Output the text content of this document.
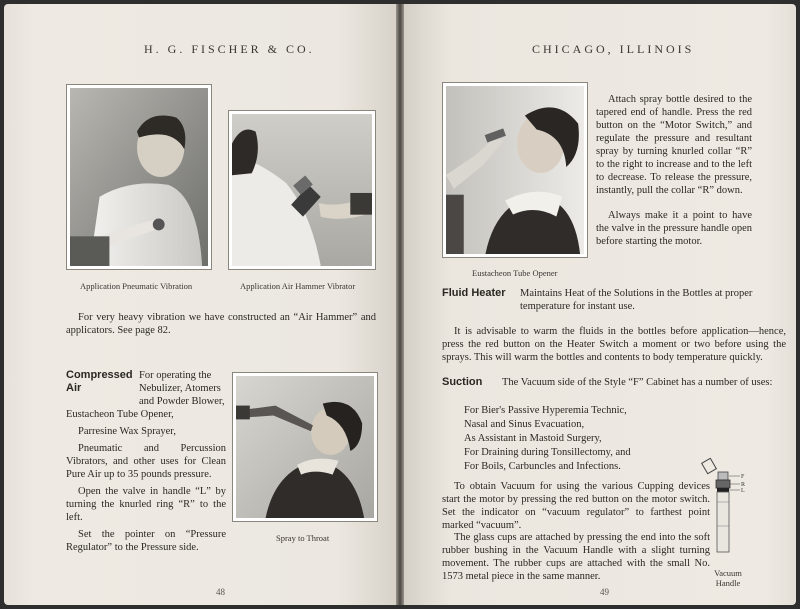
H. G. FISCHER & CO.
Application Pneumatic Vibration	Application Air Hammer Vibrator

For very heavy vibration we have constructed an “Air Hammer” and applicators. See page 82.

Compressed Air
For operating the
Nebulizer, Atomers
and Powder Blower,

Eustacheon Tube Opener,

Parresine Wax Sprayer,

Pneumatic and Percussion Vibrators, and other uses for Clean Pure Air up to 35 pounds pressure.

Open the valve in handle “L” by turning the knurled ring “R” to the left.

Set the pointer on “Pressure Regulator” to the Pressure side.

Spray to Throat
48
CHICAGO, ILLINOIS
Eustacheon Tube Opener

Attach spray bottle desired to the tapered end of handle. Press the red button on the “Motor Switch,” and regulate the pressure and resultant spray by turning knurled collar “R” to the right to increase and to the left to decrease. To release the pressure, instantly, pull the collar “R” down.

Always make it a point to have the valve in the pressure handle open before starting the motor.

Fluid Heater Maintains Heat of the Solutions in the Bottles at proper temperature for instant use.
It is advisable to warm the fluids in the bottles before application—hence, press the red button on the Heater Switch a moment or two before using the sprays. This will warm the bottles and contents to body temperature quickly.
Suction The Vacuum side of the Style “F” Cabinet has a number of uses:
For Bier's Passive Hyperemia Technic,
Nasal and Sinus Evacuation,
As Assistant in Mastoid Surgery,
For Draining during Tonsillectomy, and
For Boils, Carbuncles and Infections.
To obtain Vacuum for using the various Cupping devices start the motor by pressing the red button on the motor switch. Set the indicator on “vacuum regulator” to farthest point marked “vacuum”.
The glass cups are attached by pressing the end into the soft rubber bushing in the Vacuum Handle with a slight turning movement. The rubber cups are attached with the small No. 1573 metal piece in the same manner.
F
R
L
Vacuum Handle
49
